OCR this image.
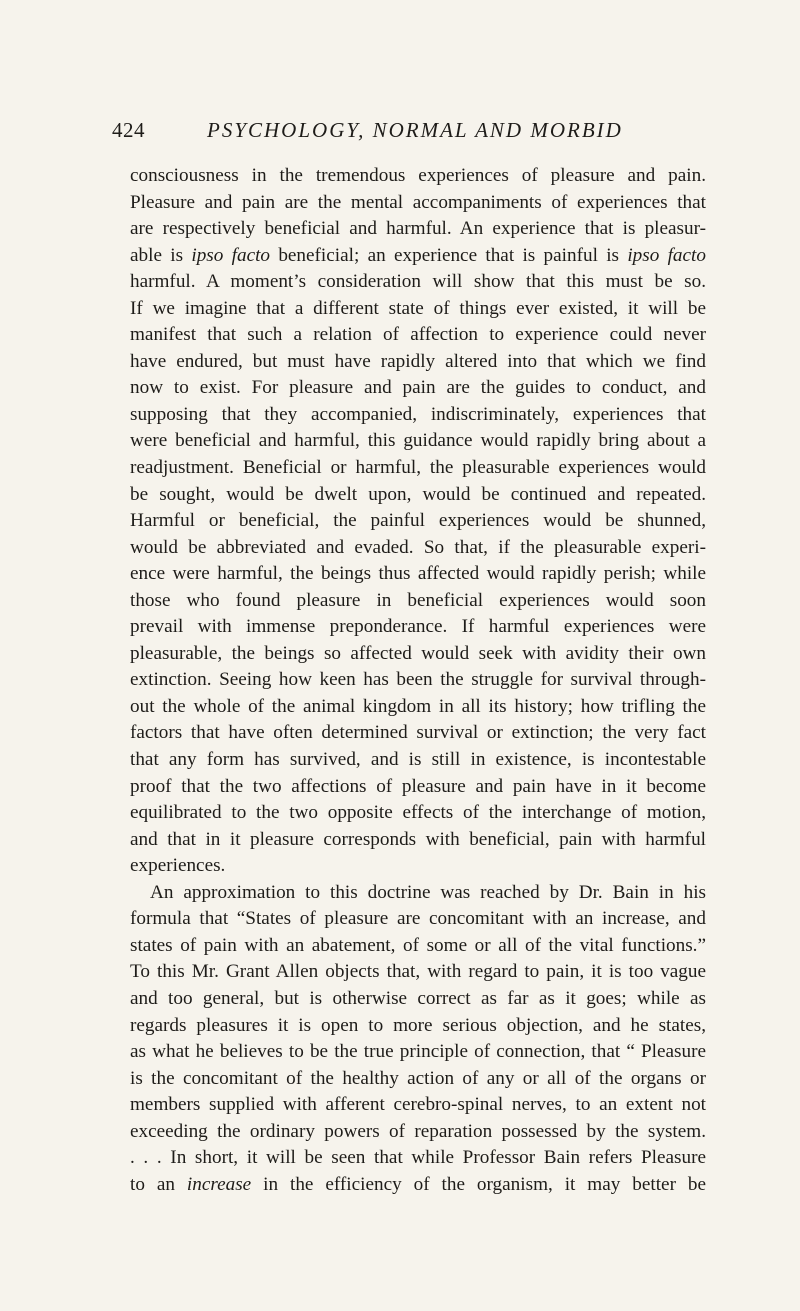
424	PSYCHOLOGY, NORMAL AND MORBID
consciousness in the tremendous experiences of pleasure and pain.
Pleasure and pain are the mental accompaniments of experiences that
are respectively beneficial and harmful. An experience that is pleasur-
able is ipso facto beneficial; an experience that is painful is ipso facto
harmful. A moment’s consideration will show that this must be so.
If we imagine that a different state of things ever existed, it will be
manifest that such a relation of affection to experience could never
have endured, but must have rapidly altered into that which we find
now to exist. For pleasure and pain are the guides to conduct, and
supposing that they accompanied, indiscriminately, experiences that
were beneficial and harmful, this guidance would rapidly bring about a
readjustment. Beneficial or harmful, the pleasurable experiences would
be sought, would be dwelt upon, would be continued and repeated.
Harmful or beneficial, the painful experiences would be shunned,
would be abbreviated and evaded. So that, if the pleasurable experi-
ence were harmful, the beings thus affected would rapidly perish; while
those who found pleasure in beneficial experiences would soon
prevail with immense preponderance. If harmful experiences were
pleasurable, the beings so affected would seek with avidity their own
extinction. Seeing how keen has been the struggle for survival through-
out the whole of the animal kingdom in all its history; how trifling the
factors that have often determined survival or extinction; the very fact
that any form has survived, and is still in existence, is incontestable
proof that the two affections of pleasure and pain have in it become
equilibrated to the two opposite effects of the interchange of motion,
and that in it pleasure corresponds with beneficial, pain with harmful
experiences.
An approximation to this doctrine was reached by Dr. Bain in his
formula that “States of pleasure are concomitant with an increase, and
states of pain with an abatement, of some or all of the vital functions.”
To this Mr. Grant Allen objects that, with regard to pain, it is too vague
and too general, but is otherwise correct as far as it goes; while as
regards pleasures it is open to more serious objection, and he states,
as what he believes to be the true principle of connection, that “ Pleasure
is the concomitant of the healthy action of any or all of the organs or
members supplied with afferent cerebro-spinal nerves, to an extent not
exceeding the ordinary powers of reparation possessed by the system.
. . . In short, it will be seen that while Professor Bain refers Pleasure
to an increase in the efficiency of the organism, it may better be
